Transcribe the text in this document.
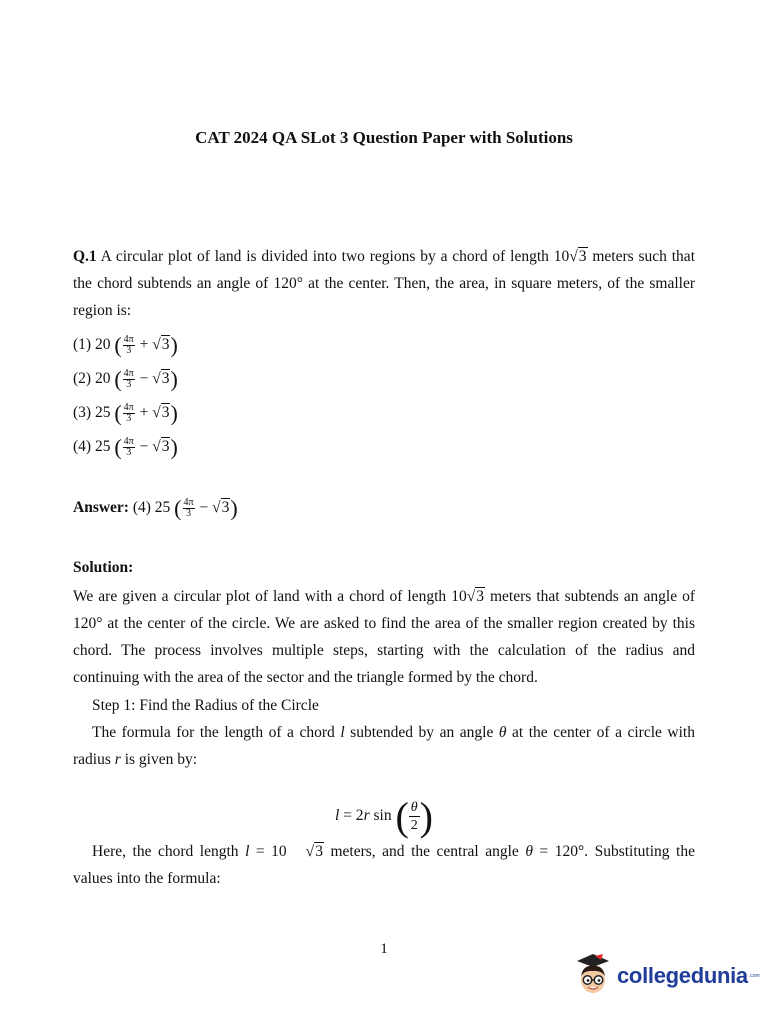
CAT 2024 QA SLot 3 Question Paper with Solutions

Q.1 A circular plot of land is divided into two regions by a chord of length 10√3 meters such that the chord subtends an angle of 120° at the center. Then, the area, in square meters, of the smaller region is:

(1) 20 ( $\frac{4\pi}{3} + √3$)
(2) 20 ( $\frac{4\pi}{3} - √3$)
(3) 25 ( $\frac{4\pi}{3} + √3$)
(4) 25 ( $\frac{4\pi}{3} - √3$)
Answer: (4) 25 ( $\frac{4\pi}{3} - √3$)
Solution:

We are given a circular plot of land with a chord of length 10√3 meters that subtends an angle of 120° at the center of the circle. We are asked to find the area of the smaller region created by this chord. The process involves multiple steps, starting with the calculation of the radius and continuing with the area of the sector and the triangle formed by the chord.

Step 1: Find the Radius of the Circle

The formula for the length of a chord l subtended by an angle θ at the center of a circle with radius r is given by:

l = 2r sin ( $\frac{\theta}{2}$ )

Here, the chord length l = 10 √3 meters, and the central angle θ = 120°. Substituting the values into the formula:

1
collegedunia .com
